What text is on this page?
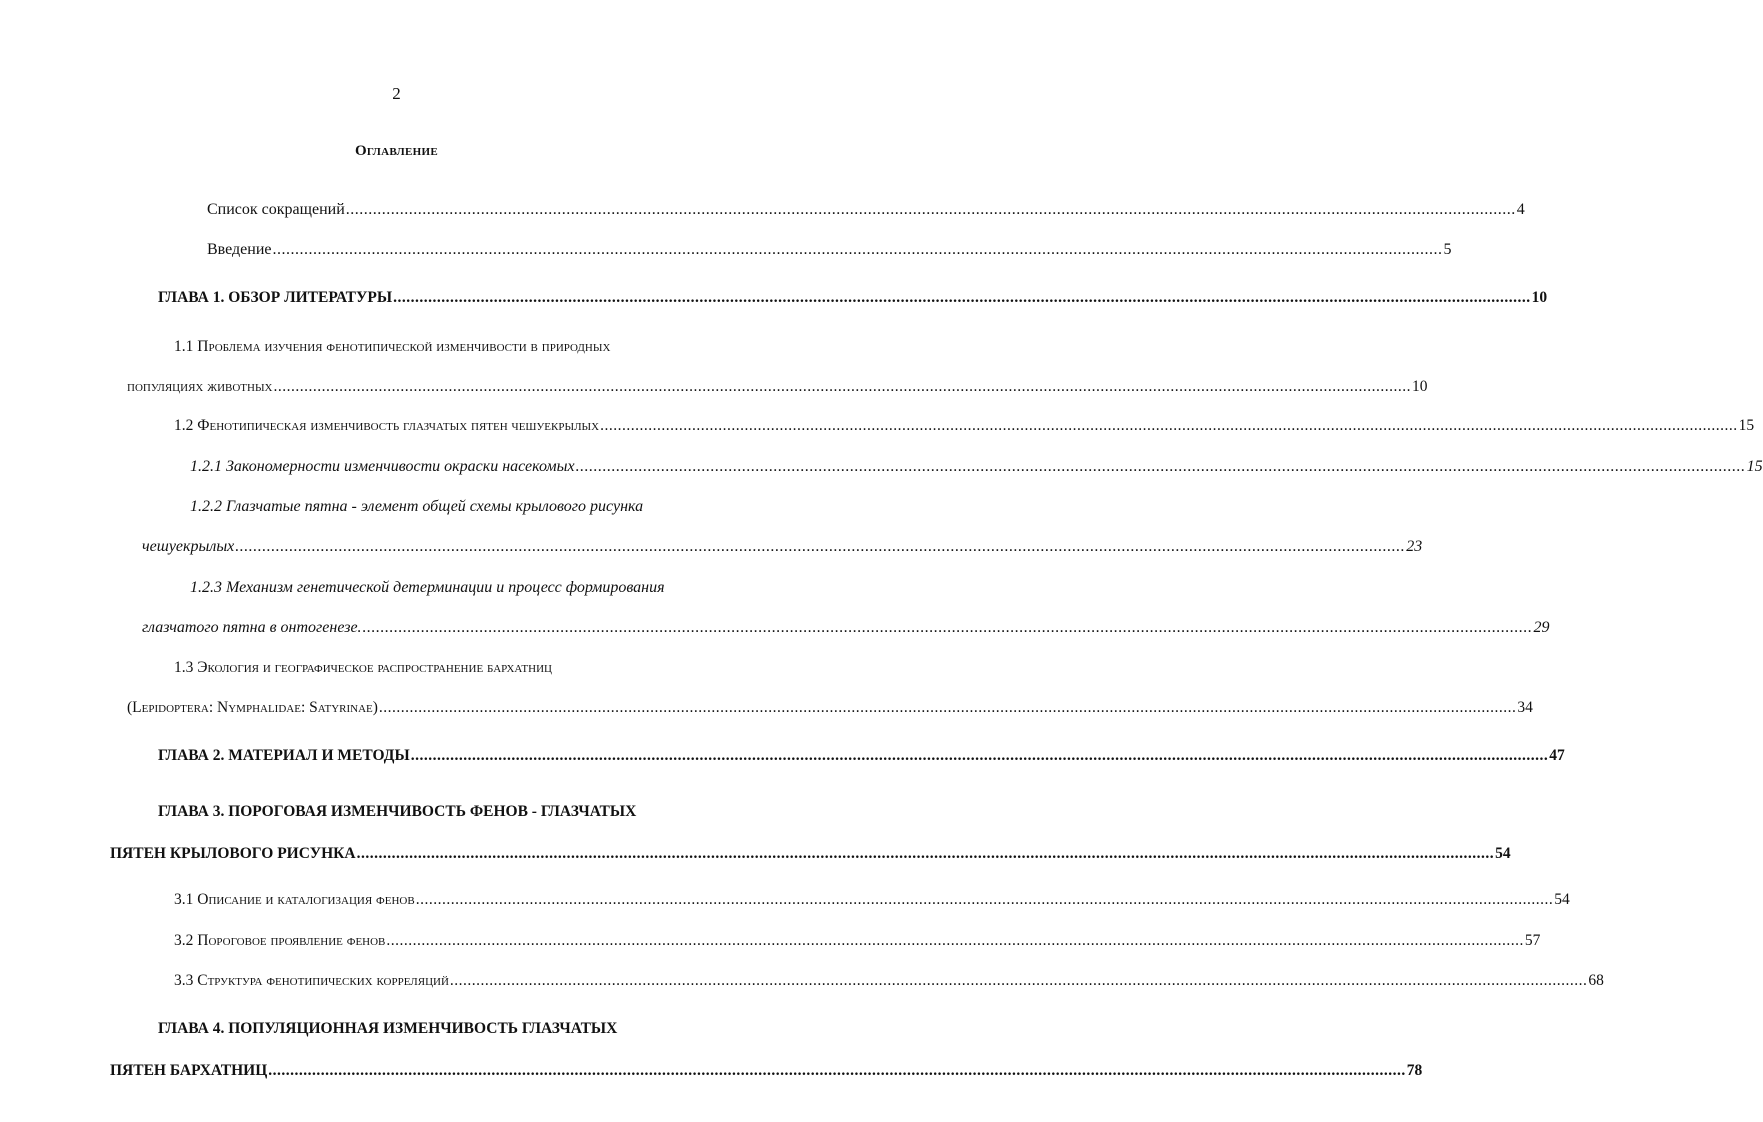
2
Оглавление
Список сокращений .................................................................................................................................................................................................................................................................... 4
Введение .................................................................................................................................................................................................................................................................... 5
ГЛАВА 1. ОБЗОР ЛИТЕРАТУРЫ .................................................................................................................................................................................................................................................................... 10
1.1 Проблема изучения фенотипической изменчивости в природных
популяциях животных .................................................................................................................................................................................................................................................................... 10
1.2 Фенотипическая изменчивость глазчатых пятен чешуекрылых .................................................................................................................................................................................................................................................................... 15
1.2.1 Закономерности изменчивости окраски насекомых .................................................................................................................................................................................................................................................................... 15
1.2.2 Глазчатые пятна - элемент общей схемы крылового рисунка
чешуекрылых .................................................................................................................................................................................................................................................................... 23
1.2.3 Механизм генетической детерминации и процесс формирования
глазчатого пятна в онтогенезе. .................................................................................................................................................................................................................................................................... 29
1.3 Экология и географическое распространение бархатниц
(Lepidoptera: Nymphalidae: Satyrinae) .................................................................................................................................................................................................................................................................... 34
ГЛАВА 2. МАТЕРИАЛ И МЕТОДЫ .................................................................................................................................................................................................................................................................... 47
ГЛАВА 3. ПОРОГОВАЯ ИЗМЕНЧИВОСТЬ ФЕНОВ - ГЛАЗЧАТЫХ
ПЯТЕН КРЫЛОВОГО РИСУНКА .................................................................................................................................................................................................................................................................... 54
3.1 Описание и каталогизация фенов .................................................................................................................................................................................................................................................................... 54
3.2 Пороговое проявление фенов .................................................................................................................................................................................................................................................................... 57
3.3 Структура фенотипических корреляций .................................................................................................................................................................................................................................................................... 68
ГЛАВА 4. ПОПУЛЯЦИОННАЯ ИЗМЕНЧИВОСТЬ ГЛАЗЧАТЫХ
ПЯТЕН БАРХАТНИЦ .................................................................................................................................................................................................................................................................... 78
